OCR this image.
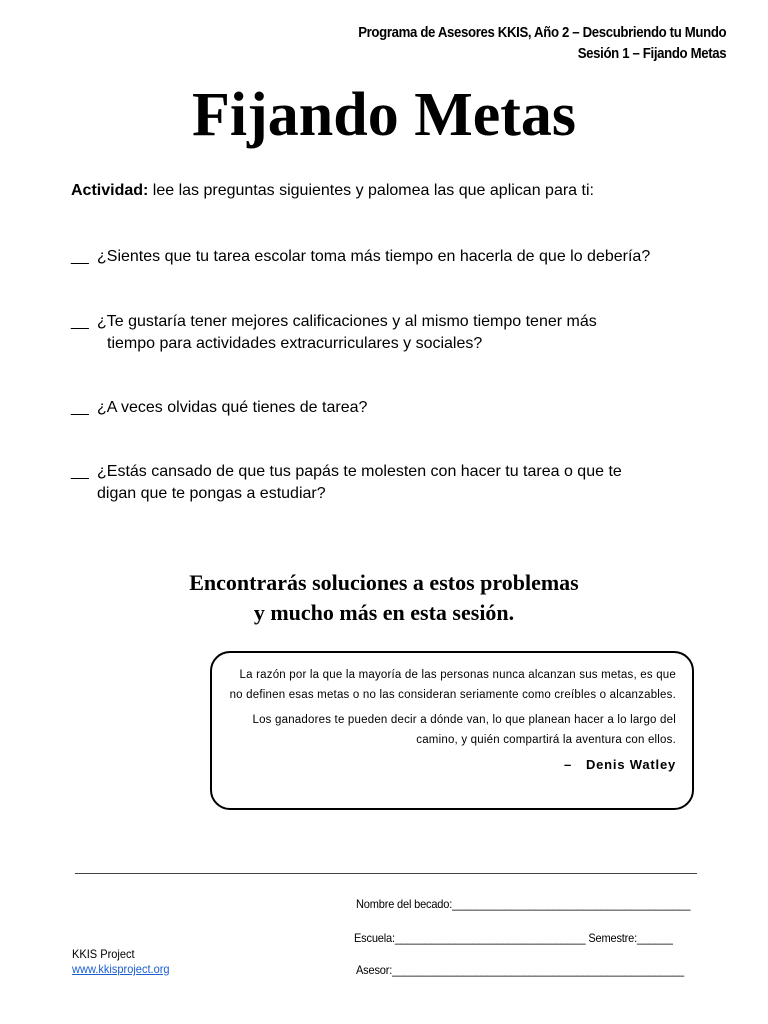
Programa de Asesores KKIS, Año 2 – Descubriendo tu Mundo
Sesión 1 – Fijando Metas
Fijando Metas
Actividad: lee las preguntas siguientes y palomea las que aplican para ti:
__ ¿Sientes que tu tarea escolar toma más tiempo en hacerla de que lo debería?
__ ¿Te gustaría tener mejores calificaciones y al mismo tiempo tener más
tiempo para actividades extracurriculares y sociales?
__ ¿A veces olvidas qué tienes de tarea?
__ ¿Estás cansado de que tus papás te molesten con hacer tu tarea o que te
digan que te pongas a estudiar?
Encontrarás soluciones a estos problemas
y mucho más en esta sesión.

La razón por la que la mayoría de las personas nunca alcanzan sus metas, es que no definen esas metas o no las consideran seriamente como creíbles o alcanzables.

Los ganadores te pueden decir a dónde van, lo que planean hacer a lo largo del camino, y quién compartirá la aventura con ellos.

– Denis Watley
Nombre del becado:________________________________________
Escuela:________________________________ Semestre:______
Asesor:_________________________________________________
KKIS Project
www.kkisproject.org
